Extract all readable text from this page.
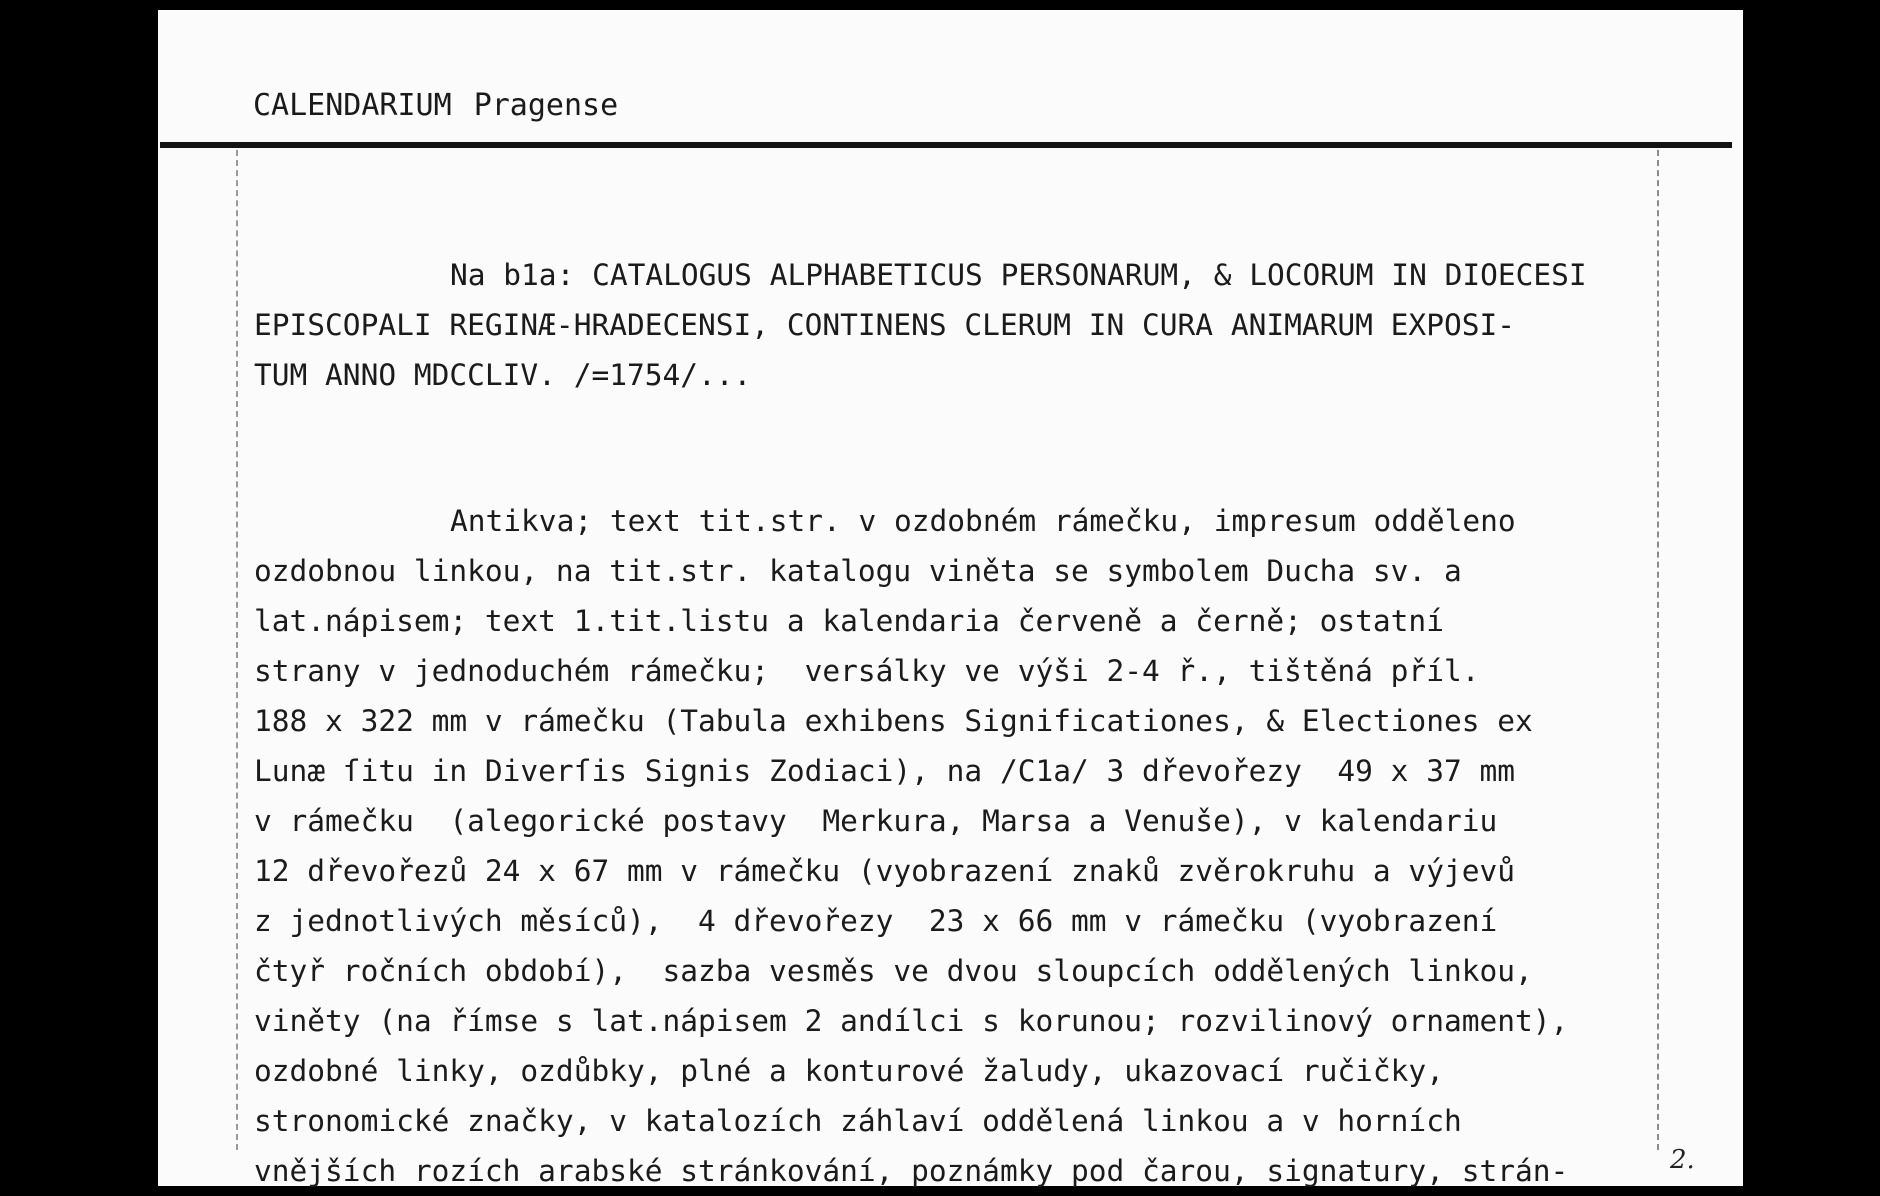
CALENDARIUM Pragense
Na b1a: CATALOGUS ALPHABETICUS PERSONARUM, & LOCORUM IN DIOECESI
EPISCOPALI REGINÆ-HRADECENSI, CONTINENS CLERUM IN CURA ANIMARUM EXPOSI-
TUM ANNO MDCCLIV. /=1754/...
Antikva; text tit.str. v ozdobném rámečku, impresum odděleno
ozdobnou linkou, na tit.str. katalogu viněta se symbolem Ducha sv. a
lat.nápisem; text 1.tit.listu a kalendaria červeně a černě; ostatní
strany v jednoduchém rámečku;  versálky ve výši 2-4 ř., tištěná příl.
188 x 322 mm v rámečku (Tabula exhibens Significationes, & Electiones ex
Lunæ ſitu in Diverſis Signis Zodiaci), na /C1a/ 3 dřevořezy  49 x 37 mm
v rámečku  (alegorické postavy  Merkura, Marsa a Venuše), v kalendariu
12 dřevořezů 24 x 67 mm v rámečku (vyobrazení znaků zvěrokruhu a výjevů
z jednotlivých měsíců),  4 dřevořezy  23 x 66 mm v rámečku (vyobrazení
čtyř ročních období),  sazba vesměs ve dvou sloupcích oddělených linkou,
viněty (na římse s lat.nápisem 2 andílci s korunou; rozvilinový ornament),
ozdobné linky, ozdůbky, plné a konturové žaludy, ukazovací ručičky,
stronomické značky, v katalozích záhlaví oddělená linkou a v horních
vnějších rozích arabské stránkování, poznámky pod čarou, signatury, strán-	2.
